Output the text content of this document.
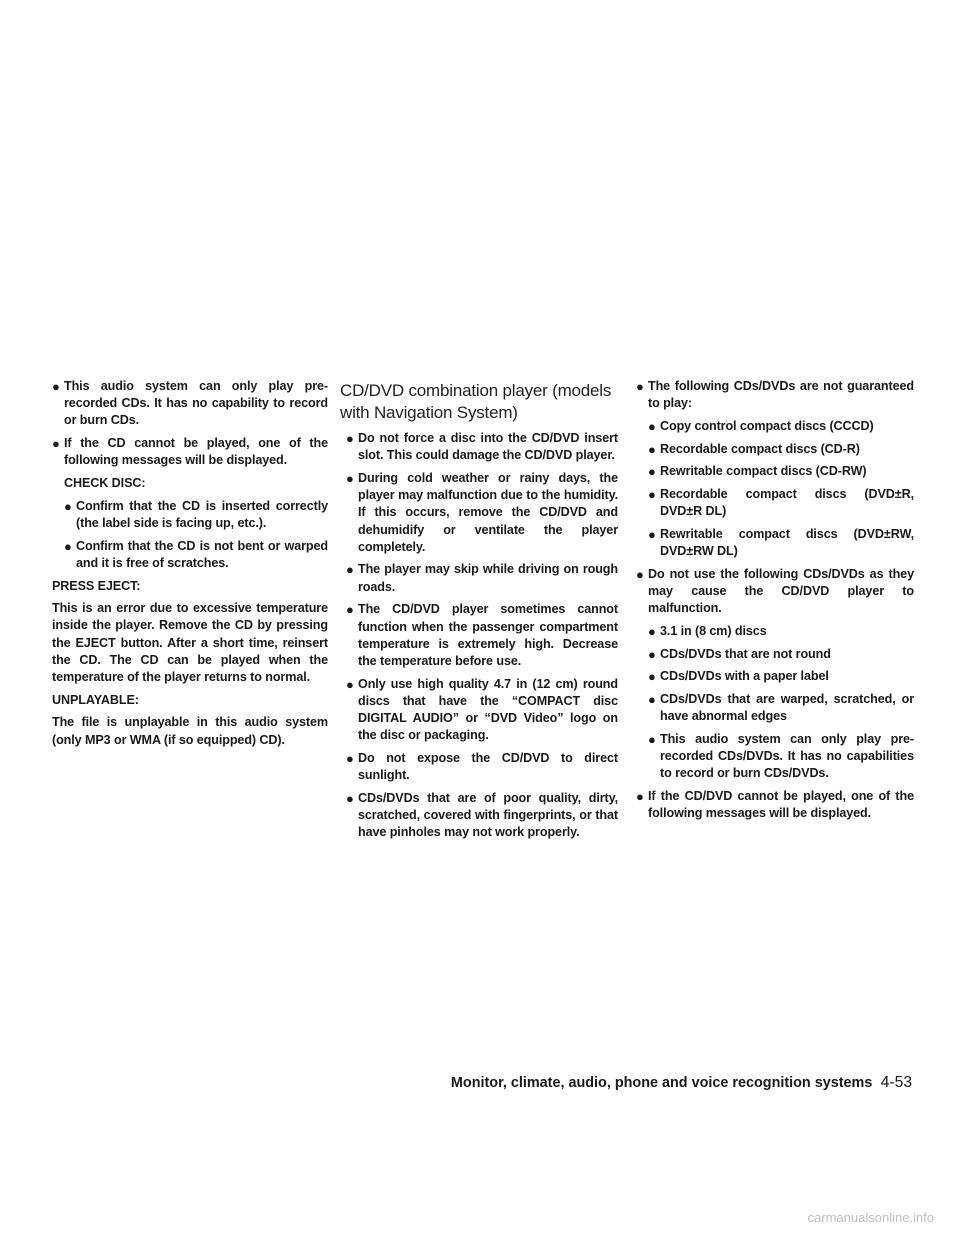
● This audio system can only play pre-recorded CDs. It has no capability to record or burn CDs.
● If the CD cannot be played, one of the following messages will be displayed.
CHECK DISC:
● Confirm that the CD is inserted correctly (the label side is facing up, etc.).
● Confirm that the CD is not bent or warped and it is free of scratches.
PRESS EJECT:

This is an error due to excessive temperature inside the player. Remove the CD by pressing the EJECT button. After a short time, reinsert the CD. The CD can be played when the temperature of the player returns to normal.

UNPLAYABLE:

The file is unplayable in this audio system (only MP3 or WMA (if so equipped) CD).

CD/DVD combination player (models with Navigation System)
● Do not force a disc into the CD/DVD insert slot. This could damage the CD/DVD player.
● During cold weather or rainy days, the player may malfunction due to the humidity. If this occurs, remove the CD/DVD and dehumidify or ventilate the player completely.
● The player may skip while driving on rough roads.
● The CD/DVD player sometimes cannot function when the passenger compartment temperature is extremely high. Decrease the temperature before use.
● Only use high quality 4.7 in (12 cm) round discs that have the “COMPACT disc DIGITAL AUDIO” or “DVD Video” logo on the disc or packaging.
● Do not expose the CD/DVD to direct sunlight.
● CDs/DVDs that are of poor quality, dirty, scratched, covered with fingerprints, or that have pinholes may not work properly.
● The following CDs/DVDs are not guaranteed to play:
● Copy control compact discs (CCCD)
● Recordable compact discs (CD-R)
● Rewritable compact discs (CD-RW)
● Recordable compact discs (DVD±R, DVD±R DL)
● Rewritable compact discs (DVD±RW, DVD±RW DL)
● Do not use the following CDs/DVDs as they may cause the CD/DVD player to malfunction.
● 3.1 in (8 cm) discs
● CDs/DVDs that are not round
● CDs/DVDs with a paper label
● CDs/DVDs that are warped, scratched, or have abnormal edges
● This audio system can only play pre-recorded CDs/DVDs. It has no capabilities to record or burn CDs/DVDs.
● If the CD/DVD cannot be played, one of the following messages will be displayed.
Monitor, climate, audio, phone and voice recognition systems 4-53
carmanualsonline.info
